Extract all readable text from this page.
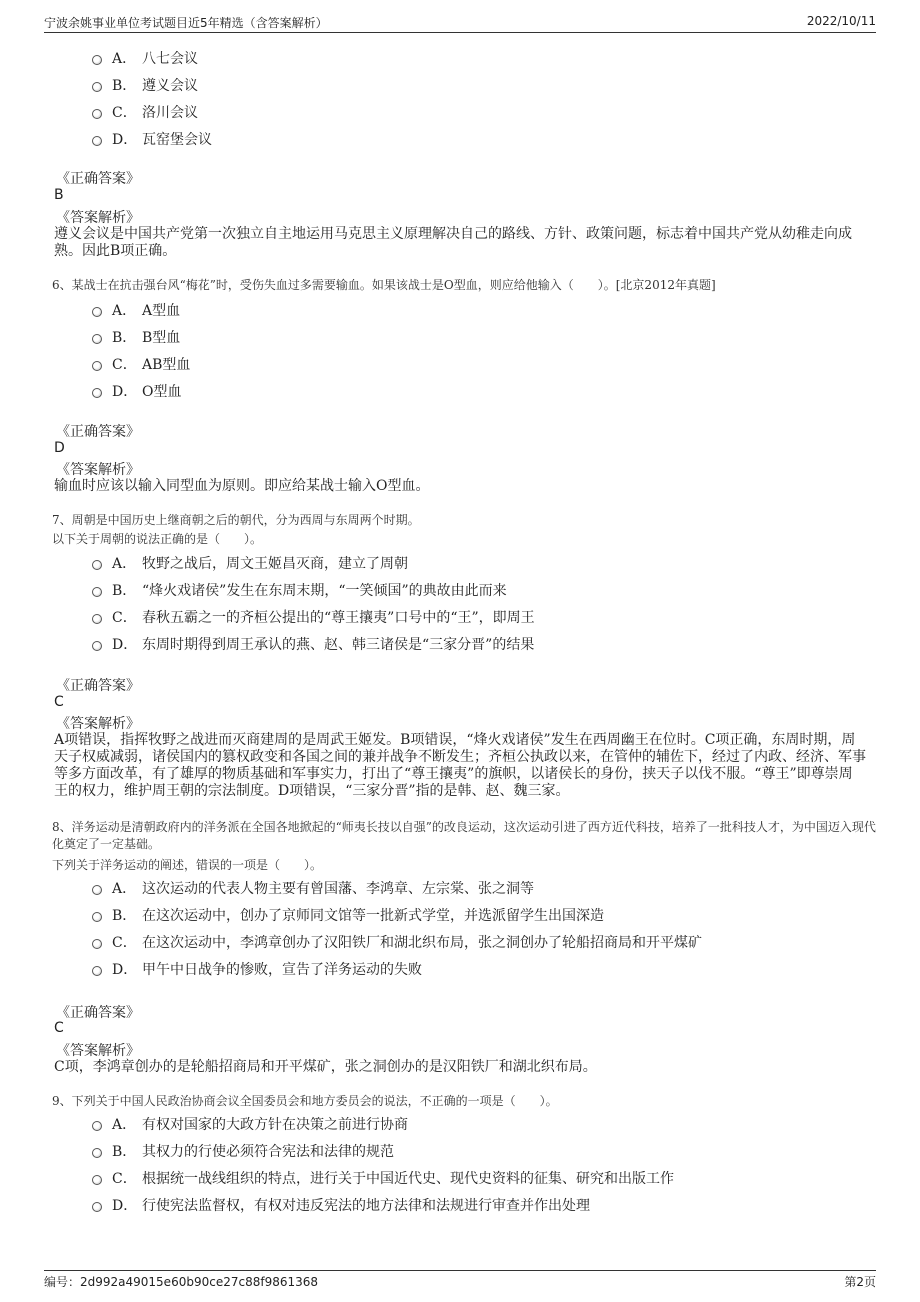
宁波余姚事业单位考试题目近5年精选（含答案解析）	2022/10/11
A． 八七会议
B． 遵义会议
C． 洛川会议
D． 瓦窑堡会议
《正确答案》
B
《答案解析》
遵义会议是中国共产党第一次独立自主地运用马克思主义原理解决自己的路线、方针、政策问题，标志着中国共产党从幼稚走向成熟。因此B项正确。
6、某战士在抗击强台风“梅花”时，受伤失血过多需要输血。如果该战士是O型血，则应给他输入（　　）。[北京2012年真题]
A． A型血
B． B型血
C． AB型血
D． O型血
《正确答案》
D
《答案解析》
输血时应该以输入同型血为原则。即应给某战士输入O型血。
7、周朝是中国历史上继商朝之后的朝代，分为西周与东周两个时期。
以下关于周朝的说法正确的是（　　）。
A． 牧野之战后，周文王姬昌灭商，建立了周朝
B． “烽火戏诸侯”发生在东周末期，“一笑倾国”的典故由此而来
C． 春秋五霸之一的齐桓公提出的“尊王攘夷”口号中的“王”，即周王
D． 东周时期得到周王承认的燕、赵、韩三诸侯是“三家分晋”的结果
《正确答案》
C
《答案解析》
A项错误，指挥牧野之战进而灭商建周的是周武王姬发。B项错误，“烽火戏诸侯”发生在西周幽王在位时。C项正确，东周时期，周天子权威减弱，诸侯国内的篡权政变和各国之间的兼并战争不断发生；齐桓公执政以来，在管仲的辅佐下，经过了内政、经济、军事等多方面改革，有了雄厚的物质基础和军事实力，打出了“尊王攘夷”的旗帜，以诸侯长的身份，挟天子以伐不服。“尊王”即尊崇周王的权力，维护周王朝的宗法制度。D项错误，“三家分晋”指的是韩、赵、魏三家。
8、洋务运动是清朝政府内的洋务派在全国各地掀起的“师夷长技以自强”的改良运动，这次运动引进了西方近代科技，培养了一批科技人才，为中国迈入现代化奠定了一定基础。
下列关于洋务运动的阐述，错误的一项是（　　）。
A． 这次运动的代表人物主要有曾国藩、李鸿章、左宗棠、张之洞等
B． 在这次运动中，创办了京师同文馆等一批新式学堂，并选派留学生出国深造
C． 在这次运动中，李鸿章创办了汉阳铁厂和湖北织布局，张之洞创办了轮船招商局和开平煤矿
D． 甲午中日战争的惨败，宣告了洋务运动的失败
《正确答案》
C
《答案解析》
C项，李鸿章创办的是轮船招商局和开平煤矿，张之洞创办的是汉阳铁厂和湖北织布局。
9、下列关于中国人民政治协商会议全国委员会和地方委员会的说法，不正确的一项是（　　）。
A． 有权对国家的大政方针在决策之前进行协商
B． 其权力的行使必须符合宪法和法律的规范
C． 根据统一战线组织的特点，进行关于中国近代史、现代史资料的征集、研究和出版工作
D． 行使宪法监督权，有权对违反宪法的地方法律和法规进行审查并作出处理
编号：2d992a49015e60b90ce27c88f9861368	第2页
